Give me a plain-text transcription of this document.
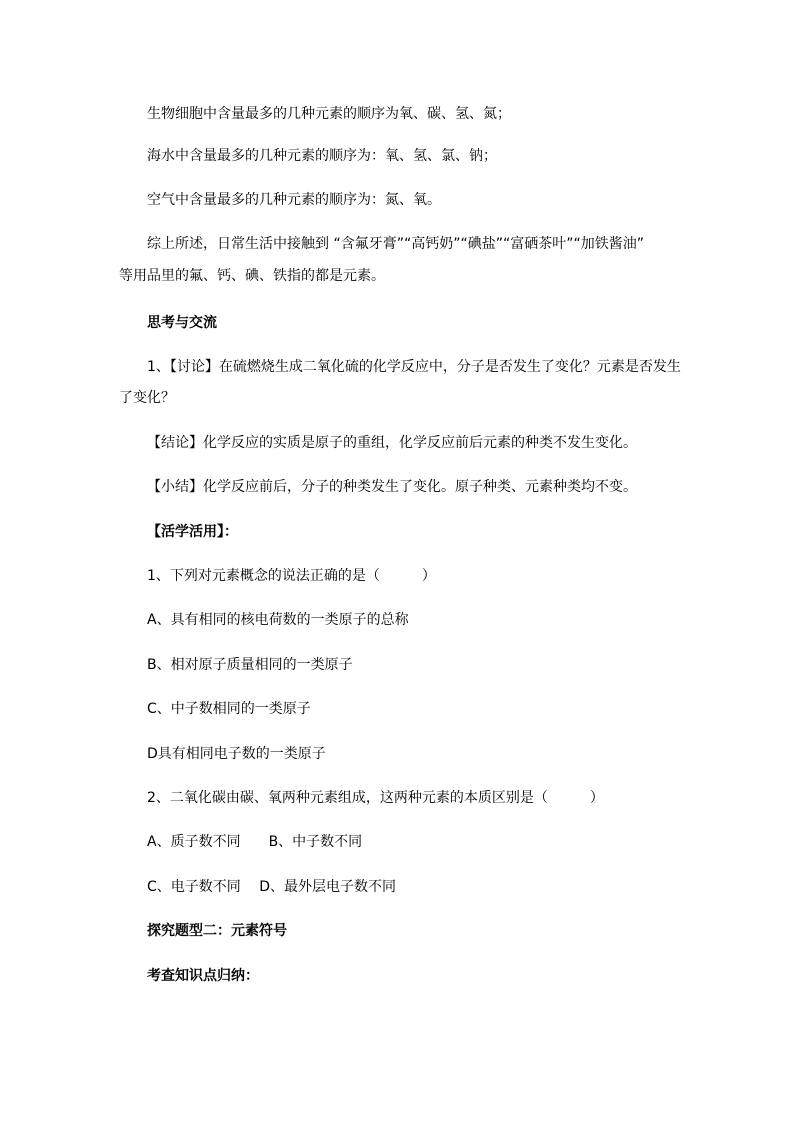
生物细胞中含量最多的几种元素的顺序为氧、碳、氢、氮；
海水中含量最多的几种元素的顺序为：氧、氢、氯、钠；
空气中含量最多的几种元素的顺序为：氮、氧。
综上所述，日常生活中接触到 “含氟牙膏”“高钙奶”“碘盐”“富硒茶叶”“加铁酱油”
等用品里的氟、钙、碘、铁指的都是元素。
思考与交流
1、【讨论】在硫燃烧生成二氧化硫的化学反应中，分子是否发生了变化？元素是否发生
了变化？
【结论】化学反应的实质是原子的重组，化学反应前后元素的种类不发生变化。
【小结】化学反应前后，分子的种类发生了变化。原子种类、元素种类均不变。
【活学活用】：
1、下列对元素概念的说法正确的是（　　　）
A、具有相同的核电荷数的一类原子的总称
B、相对原子质量相同的一类原子
C、中子数相同的一类原子
D具有相同电子数的一类原子
2、二氧化碳由碳、氧两种元素组成，这两种元素的本质区别是（　　　）
A、质子数不同　　B、中子数不同
C、电子数不同　 D、最外层电子数不同
探究题型二：元素符号
考查知识点归纳：
